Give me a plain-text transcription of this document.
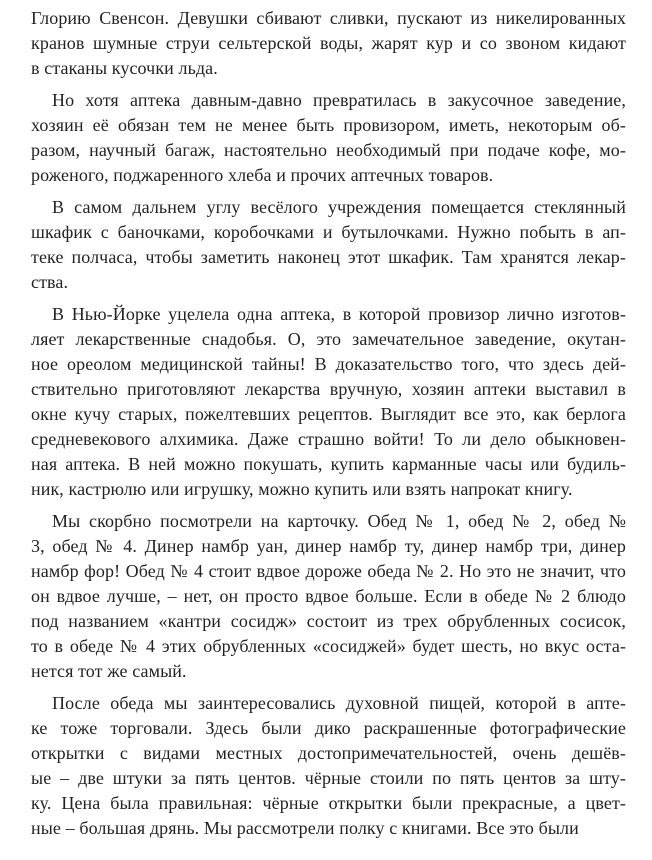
Глорию Свенсон. Девушки сбивают сливки, пускают из никелированных
кранов шумные струи сельтерской воды, жарят кур и со звоном кидают
в стаканы кусочки льда.
Но хотя аптека давным-давно превратилась в закусочное заведение,
хозяин её обязан тем не менее быть провизором, иметь, некоторым об-
разом, научный багаж, настоятельно необходимый при подаче кофе, мо-
роженого, поджаренного хлеба и прочих аптечных товаров.
В самом дальнем углу весёлого учреждения помещается стеклянный
шкафик с баночками, коробочками и бутылочками. Нужно побыть в ап-
теке полчаса, чтобы заметить наконец этот шкафик. Там хранятся лекар-
ства.
В Нью-Йорке уцелела одна аптека, в которой провизор лично изготов-
ляет лекарственные снадобья. О, это замечательное заведение, окутан-
ное ореолом медицинской тайны! В доказательство того, что здесь дей-
ствительно приготовляют лекарства вручную, хозяин аптеки выставил в
окне кучу старых, пожелтевших рецептов. Выглядит все это, как берлога
средневекового алхимика. Даже страшно войти! То ли дело обыкновен-
ная аптека. В ней можно покушать, купить карманные часы или будиль-
ник, кастрюлю или игрушку, можно купить или взять напрокат книгу.
Мы скорбно посмотрели на карточку. Обед № 1, обед № 2, обед №
3, обед № 4. Динер намбр уан, динер намбр ту, динер намбр три, динер
намбр фор! Обед № 4 стоит вдвое дороже обеда № 2. Но это не значит, что
он вдвое лучше, – нет, он просто вдвое больше. Если в обеде № 2 блюдо
под названием «кантри сосидж» состоит из трех обрубленных сосисок,
то в обеде № 4 этих обрубленных «сосиджей» будет шесть, но вкус оста-
нется тот же самый.
После обеда мы заинтересовались духовной пищей, которой в апте-
ке тоже торговали. Здесь были дико раскрашенные фотографические
открытки с видами местных достопримечательностей, очень дешёв-
ые – две штуки за пять центов. чёрные стоили по пять центов за шту-
ку. Цена была правильная: чёрные открытки были прекрасные, а цвет-
ные – большая дрянь. Мы рассмотрели полку с книгами. Все это были
